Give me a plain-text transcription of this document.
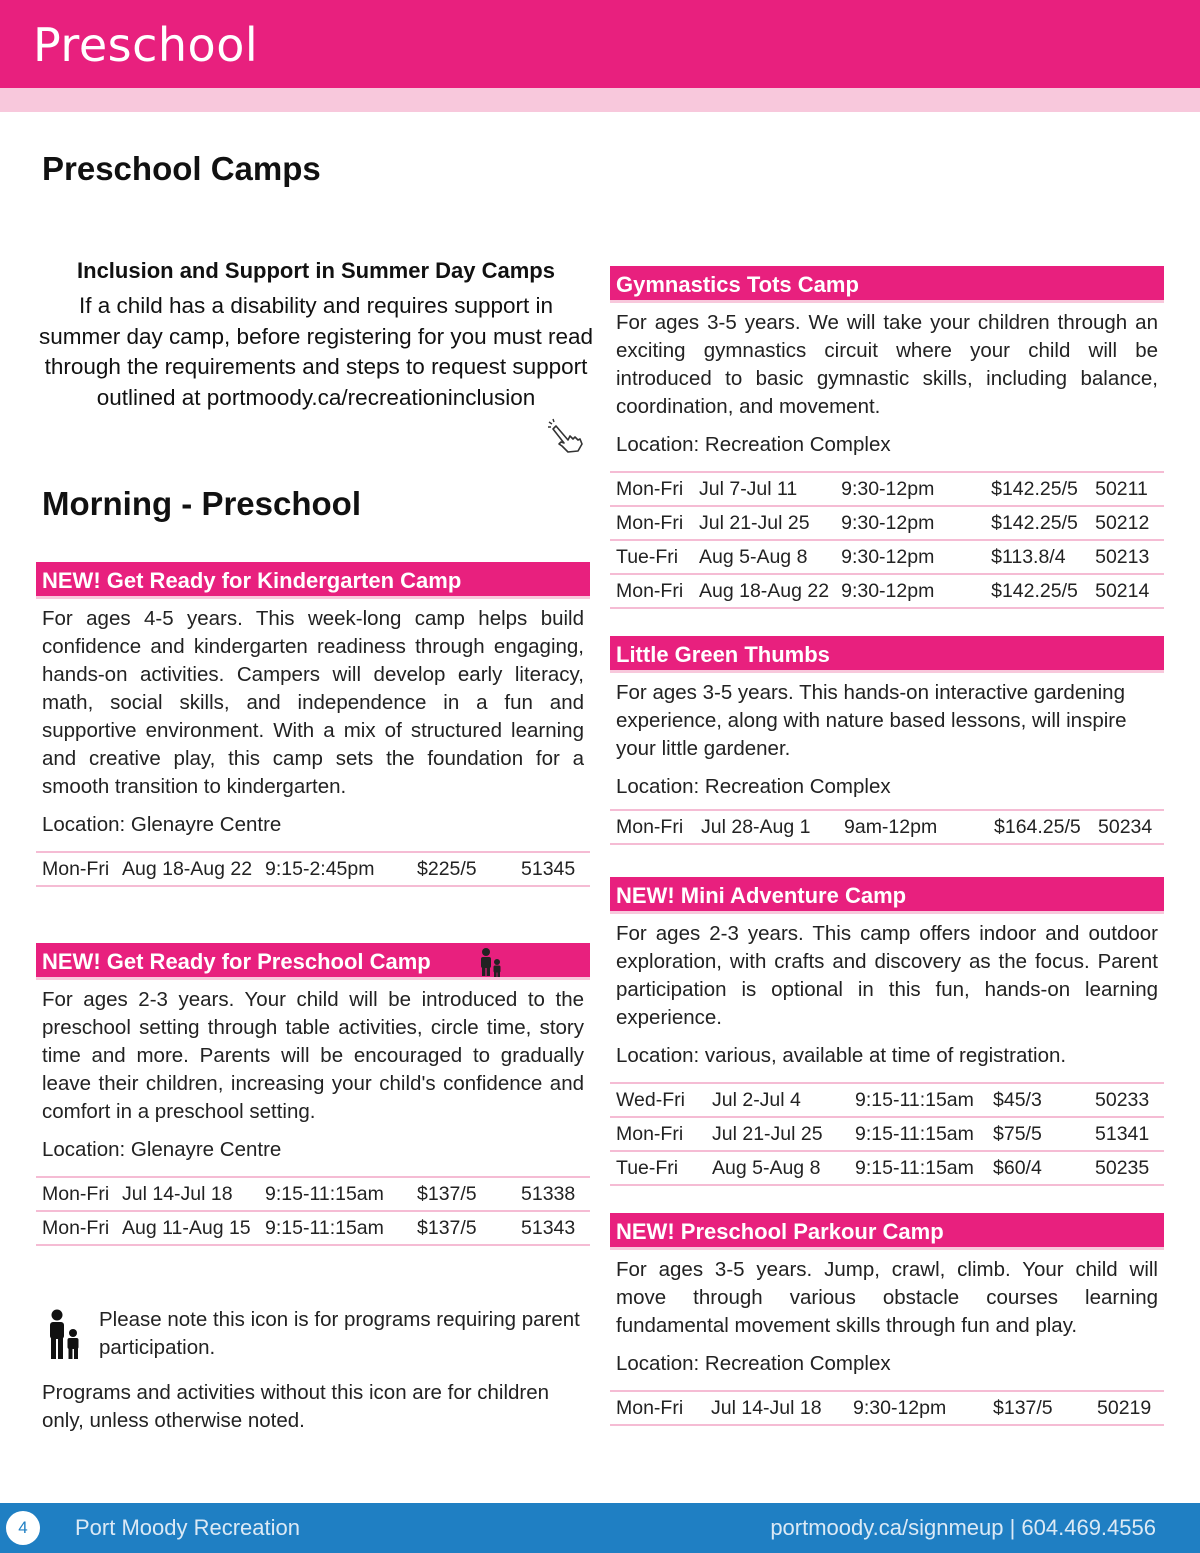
Preschool
Preschool Camps
Inclusion and Support in Summer Day Camps
If a child has a disability and requires support in summer day camp, before registering for you must read through the requirements and steps to request support outlined at portmoody.ca/recreationinclusion
Morning - Preschool
NEW! Get Ready for Kindergarten Camp
For ages 4-5 years. This week-long camp helps build confidence and kindergarten readiness through engaging, hands-on activities. Campers will develop early literacy, math, social skills, and independence in a fun and supportive environment. With a mix of structured learning and creative play, this camp sets the foundation for a smooth transition to kindergarten.
Location: Glenayre Centre
Mon-Fri	Aug 18-Aug 22	9:15-2:45pm	$225/5	51345
NEW! Get Ready for Preschool Camp
For ages 2-3 years. Your child will be introduced to the preschool setting through table activities, circle time, story time and more. Parents will be encouraged to gradually leave their children, increasing your child's confidence and comfort in a preschool setting.
Location: Glenayre Centre
Mon-Fri	Jul 14-Jul 18	9:15-11:15am	$137/5	51338
Mon-Fri	Aug 11-Aug 15	9:15-11:15am	$137/5	51343
Please note this icon is for programs requiring parent participation.
Programs and activities without this icon are for children only, unless otherwise noted.
Gymnastics Tots Camp
For ages 3-5 years. We will take your children through an exciting gymnastics circuit where your child will be introduced to basic gymnastic skills, including balance, coordination, and movement.
Location: Recreation Complex
Mon-Fri	Jul 7-Jul 11	9:30-12pm	$142.25/5	50211
Mon-Fri	Jul 21-Jul 25	9:30-12pm	$142.25/5	50212
Tue-Fri	Aug 5-Aug 8	9:30-12pm	$113.8/4	50213
Mon-Fri	Aug 18-Aug 22	9:30-12pm	$142.25/5	50214
Little Green Thumbs
For ages 3-5 years. This hands-on interactive gardening experience, along with nature based lessons, will inspire your little gardener.
Location: Recreation Complex
Mon-Fri	Jul 28-Aug 1	9am-12pm	$164.25/5	50234
NEW! Mini Adventure Camp
For ages 2-3 years. This camp offers indoor and outdoor exploration, with crafts and discovery as the focus. Parent participation is optional in this fun, hands-on learning experience.
Location: various, available at time of registration.
Wed-Fri	Jul 2-Jul 4	9:15-11:15am	$45/3	50233
Mon-Fri	Jul 21-Jul 25	9:15-11:15am	$75/5	51341
Tue-Fri	Aug 5-Aug 8	9:15-11:15am	$60/4	50235
NEW! Preschool Parkour Camp
For ages 3-5 years. Jump, crawl, climb. Your child will move through various obstacle courses learning fundamental movement skills through fun and play.
Location: Recreation Complex
Mon-Fri	Jul 14-Jul 18	9:30-12pm	$137/5	50219
4	Port Moody Recreation	portmoody.ca/signmeup | 604.469.4556
